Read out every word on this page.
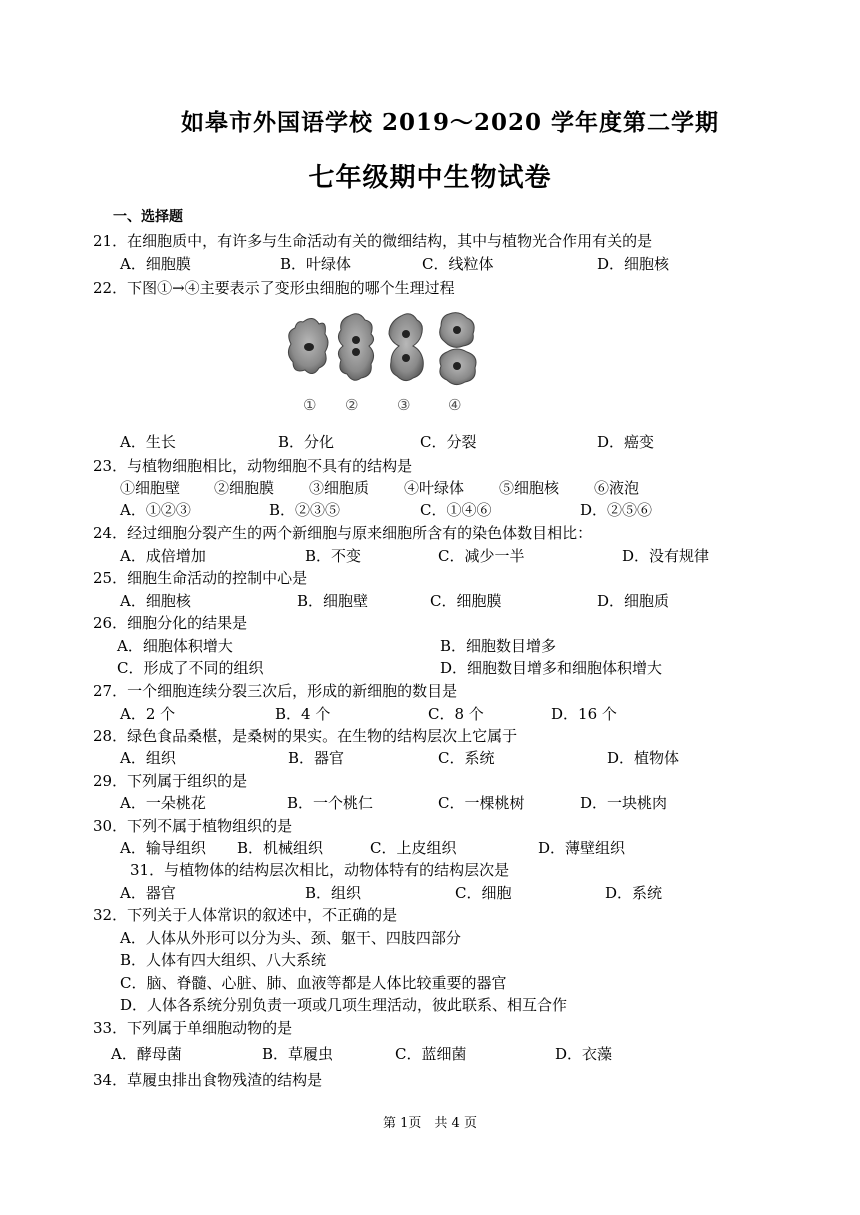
如皋市外国语学校 2019～2020 学年度第二学期
七年级期中生物试卷
一、选择题
21．在细胞质中，有许多与生命活动有关的微细结构，其中与植物光合作用有关的是
A．细胞膜	B．叶绿体	C．线粒体	D．细胞核
22．下图①→④主要表示了变形虫细胞的哪个生理过程
① ②	③	④
A．生长	B．分化	C．分裂	D．癌变
23．与植物细胞相比，动物细胞不具有的结构是
①细胞壁 ②细胞膜 ③细胞质 ④叶绿体 ⑤细胞核 ⑥液泡
A．①②③	B．②③⑤	C．①④⑥	D．②⑤⑥
24．经过细胞分裂产生的两个新细胞与原来细胞所含有的染色体数目相比：
A．成倍增加	B．不变	C．减少一半	D．没有规律
25．细胞生命活动的控制中心是
A．细胞核	B．细胞壁	C．细胞膜	D．细胞质
26．细胞分化的结果是
A．细胞体积增大	B．细胞数目增多
C．形成了不同的组织	D．细胞数目增多和细胞体积增大
27．一个细胞连续分裂三次后，形成的新细胞的数目是
A．2 个	B．4 个	C．8 个	D．16 个
28．绿色食品桑椹，是桑树的果实。在生物的结构层次上它属于
A．组织	B．器官	C．系统	D．植物体
29．下列属于组织的是
A．一朵桃花	B．一个桃仁	C．一棵桃树	D．一块桃肉
30．下列不属于植物组织的是
A．输导组织 B．机械组织	C．上皮组织	D．薄壁组织
31．与植物体的结构层次相比，动物体特有的结构层次是
A．器官	B．组织	C．细胞	D．系统
32．下列关于人体常识的叙述中，不正确的是
A．人体从外形可以分为头、颈、躯干、四肢四部分
B．人体有四大组织、八大系统
C．脑、脊髓、心脏、肺、血液等都是人体比较重要的器官
D．人体各系统分别负责一项或几项生理活动，彼此联系、相互合作
33．下列属于单细胞动物的是
A．酵母菌	B．草履虫	C．蓝细菌	D．衣藻
34．草履虫排出食物残渣的结构是
第 1页　共 4 页
